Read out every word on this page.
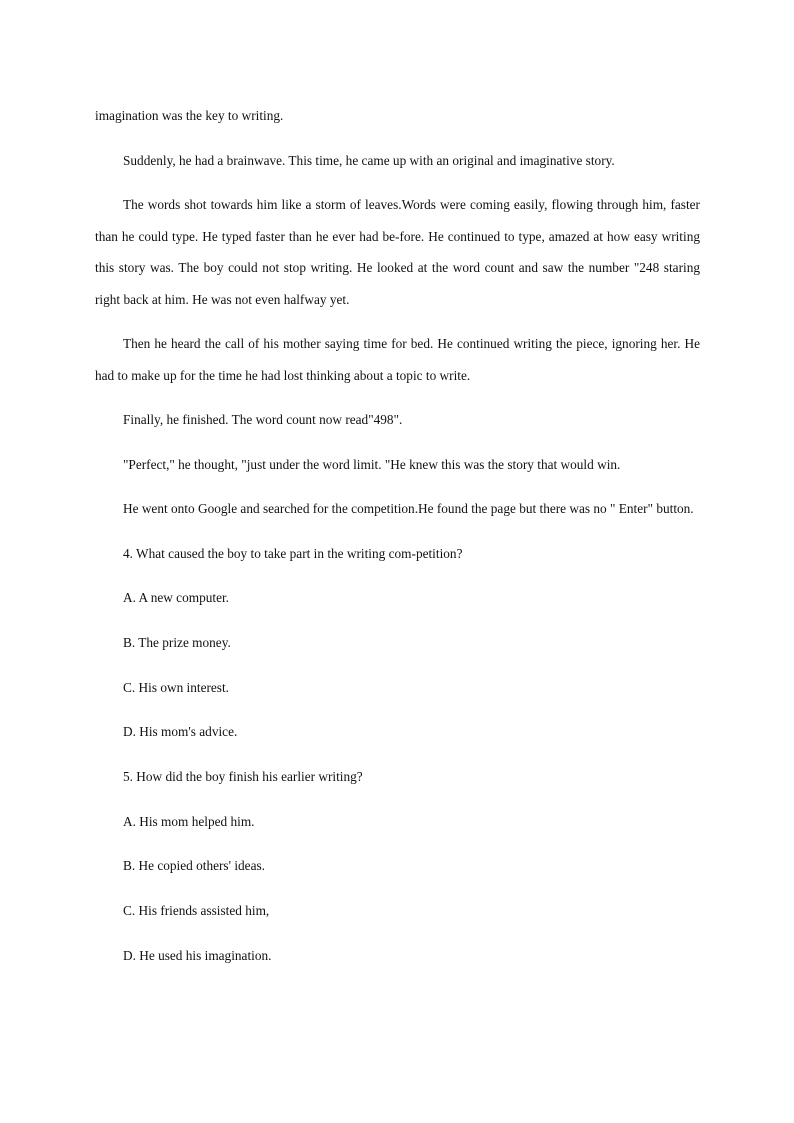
imagination was the key to writing.

Suddenly, he had a brainwave. This time, he came up with an original and imaginative story.

The words shot towards him like a storm of leaves.Words were coming easily, flowing through him, faster than he could type. He typed faster than he ever had be-fore. He continued to type, amazed at how easy writing this story was. The boy could not stop writing. He looked at the word count and saw the number "248 staring right back at him. He was not even halfway yet.

Then he heard the call of his mother saying time for bed. He continued writing the piece, ignoring her. He had to make up for the time he had lost thinking about a topic to write.

Finally, he finished. The word count now read"498".

"Perfect," he thought, "just under the word limit. "He knew this was the story that would win.

He went onto Google and searched for the competition.He found the page but there was no " Enter" button.

4. What caused the boy to take part in the writing com-petition?

A. A new computer.

B. The prize money.

C. His own interest.

D. His mom's advice.

5. How did the boy finish his earlier writing?

A. His mom helped him.

B. He copied others' ideas.

C. His friends assisted him,

D. He used his imagination.
